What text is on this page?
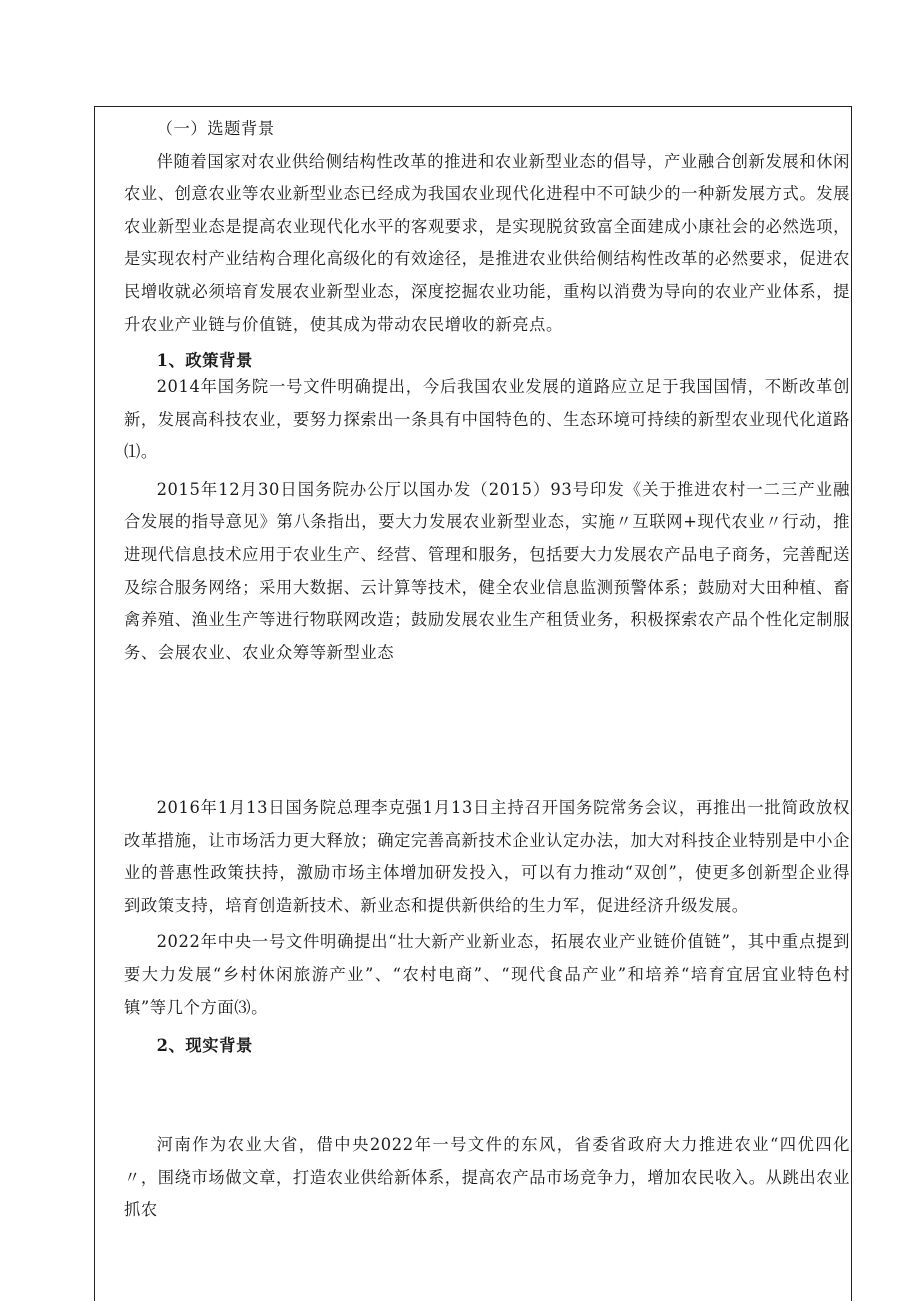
（一）选题背景

伴随着国家对农业供给侧结构性改革的推进和农业新型业态的倡导，产业融合创新发展和休闲农业、创意农业等农业新型业态已经成为我国农业现代化进程中不可缺少的一种新发展方式。发展农业新型业态是提高农业现代化水平的客观要求，是实现脱贫致富全面建成小康社会的必然选项，是实现农村产业结构合理化高级化的有效途径，是推进农业供给侧结构性改革的必然要求，促进农民增收就必须培育发展农业新型业态，深度挖掘农业功能，重构以消费为导向的农业产业体系，提升农业产业链与价值链，使其成为带动农民增收的新亮点。

1、政策背景

2014年国务院一号文件明确提出，今后我国农业发展的道路应立足于我国国情，不断改革创新，发展高科技农业，要努力探索出一条具有中国特色的、生态环境可持续的新型农业现代化道路⑴。

2015年12月30日国务院办公厅以国办发（2015）93号印发《关于推进农村一二三产业融合发展的指导意见》第八条指出，要大力发展农业新型业态，实施〃互联网+现代农业〃行动，推进现代信息技术应用于农业生产、经营、管理和服务，包括要大力发展农产品电子商务，完善配送及综合服务网络；采用大数据、云计算等技术，健全农业信息监测预警体系；鼓励对大田种植、畜禽养殖、渔业生产等进行物联网改造；鼓励发展农业生产租赁业务，积极探索农产品个性化定制服务、会展农业、农业众筹等新型业态

2016年1月13日国务院总理李克强1月13日主持召开国务院常务会议，再推出一批简政放权改革措施，让市场活力更大释放；确定完善高新技术企业认定办法，加大对科技企业特别是中小企业的普惠性政策扶持，激励市场主体增加研发投入，可以有力推动“双创”，使更多创新型企业得到政策支持，培育创造新技术、新业态和提供新供给的生力军，促进经济升级发展。

2022年中央一号文件明确提出“壮大新产业新业态，拓展农业产业链价值链”，其中重点提到要大力发展“乡村休闲旅游产业”、“农村电商”、“现代食品产业”和培养“培育宜居宜业特色村镇”等几个方面⑶。

2、现实背景

河南作为农业大省，借中央2022年一号文件的东风，省委省政府大力推进农业“四优四化〃，围绕市场做文章，打造农业供给新体系，提高农产品市场竞争力，增加农民收入。从跳出农业抓农
